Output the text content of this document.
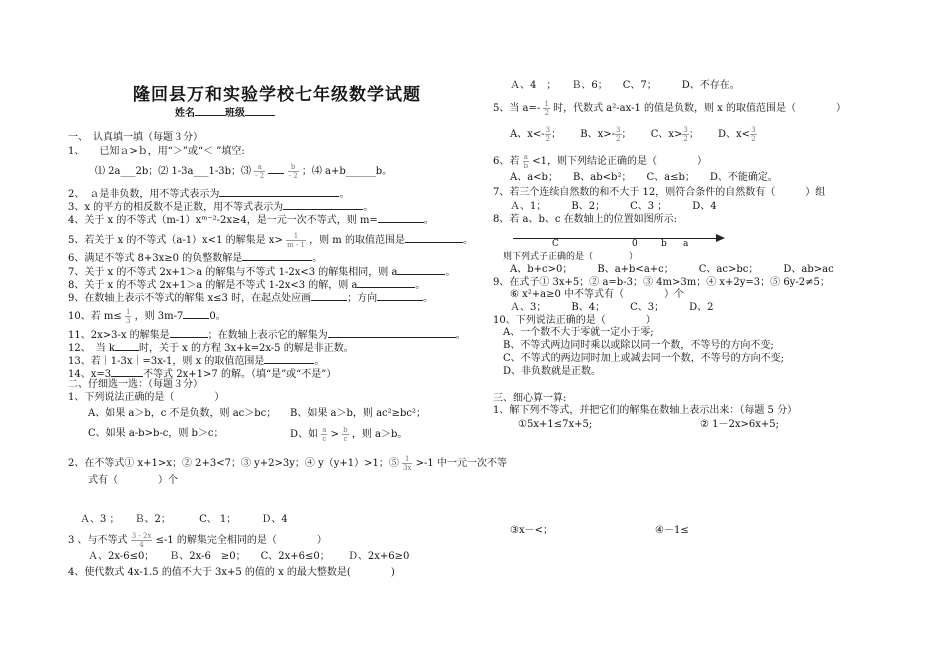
隆回县万和实验学校七年级数学试题
姓名	班级
一、　认真填一填（每题３分）
1、　　已知ａ>ｂ，用“＞”或“＜ ”填空:
⑴ 2a___2b；⑵ 1-3a___1-3b；⑶ $\frac{a}{- 2}$
	$\frac{b}{- 2}$ ；⑷ a+b______b。
2、　ａ是非负数，用不等式表示为	。
3、x 的平方的相反数不是正数，用不等式表示为	。
4、关于 x 的不等式（m-1）xᵐ⁻²-2x≥4，是一元一次不等式，则 m=	。
5、若关于 x 的不等式（a-1）x<1 的解集是 $x> \frac{1}{m - 1}$ ，则 m 的取值范围是	。
6、满足不等式 8+3x≥0 的负整数解是	。
7、关于 x 的不等式 2x+1＞a 的解集与不等式 1-2x<3 的解集相同，则 a	。
8、关于 x 的不等式 2x+1＞a 的解是不等式 1-2x<3 的解，则 a	。
9、在数轴上表示不等式的解集 x≤3 时，在起点处应画	；方向	。
10、若 $m\le \frac{1}{3}$ ，则 3m-7	0。
11、2x>3-x 的解集是	；在数轴上表示它的解集为	。
12、　当 k 时，关于 x 的方程 3x+k=2x-5 的解是非正数。
13、若｜1-3x｜=3x-1，则 x 的取值范围是	。
14、x=3	不等式 2x+1>7 的解。（填“是”或“不是”）
二、仔细选一选：（每题３分）
1、下列说法正确的是（　　　　）
A、如果 a＞b，c 不是负数，则 ac＞bc； B、如果 a＞b，则 ac²≥bc²；
C、如果 a-b>b-c，则 b＞c；	D、如 $\frac{a}{c} > \frac{b}{c}$ ，则 a＞b。
2、在不等式① x+1>x；② 2+3<7；③ y+2>3y；④ y（y+1）>1；⑤ $\frac{1}{3x} >-1$ 中一元一次不等
式有（　　　　）个
Ａ、3 ；　　Ｂ、2；　　　 C、 1；　　　Ｄ、4
3 、与不等式 $\frac{3 - 2x}{4} \le-1$ 的解集完全相同的是（　　　　）
Ａ、2x-6≤0；　　Ｂ、2x-6　≥0；　　C、2x+6≤0；　　 Ｄ、2x+6≥0
4、使代数式 4x-1.5 的值不大于 3x+5 的值的 x 的最大整数是(　　　　)
Ａ、4　；　　Ｂ、6；　　C、7；　　　D、不存在。
5、当 $a=- \frac{1}{2}$ 时，代数式 a²-ax-1 的值是负数，则 x 的取值范围是（　　　　）
A、$x<- \frac{3}{2}$ ； B、$x>- \frac{3}{2}$ ； C、$x> \frac{3}{2}$ ； D、$x< \frac{3}{2}$
6、若 $\frac{a}{b} <1$，则下列结论正确的是（　　　　）
A、a<b；　　B、ab<b²；　　C、a≤b；　　D、不能确定。
7、若三个连续自然数的和不大于 12，则符合条件的自然数有（　　　）组
Ａ、1；　　　B、2；　　　C、3 ；　　　D、4
8、若 a、b、c 在数轴上的位置如图所示:
C	0	b a
则下列式子正确的是（　　　　）
A、b+c>0；　　　B、a+b<a+c；　　　C、ac>bc；　　　D、ab>ac
9、在式子① 3x+5；② a=b-3；③ 4m>3m；④ x+2y=3；⑤ 6y-2≠5；
⑥ x²+a≥0 中不等式有（　　　　）个
Ａ、3；　　　B、4；　　　C、3；　　　D、2
10、下列说法正确的是（　　　　）
A、一个数不大于零就一定小于零;
B、不等式两边同时乘以或除以同一个数，不等号的方向不变;
C、不等式的两边同时加上或减去同一个数，不等号的方向不变;
D、非负数就是正数。
三、细心算一算:
1、解下列不等式，并把它们的解集在数轴上表示出来：（每题 5 分）
①5x+1≤7x+5;	② 1－2x>6x+5;
③x－<；	④－1≤
